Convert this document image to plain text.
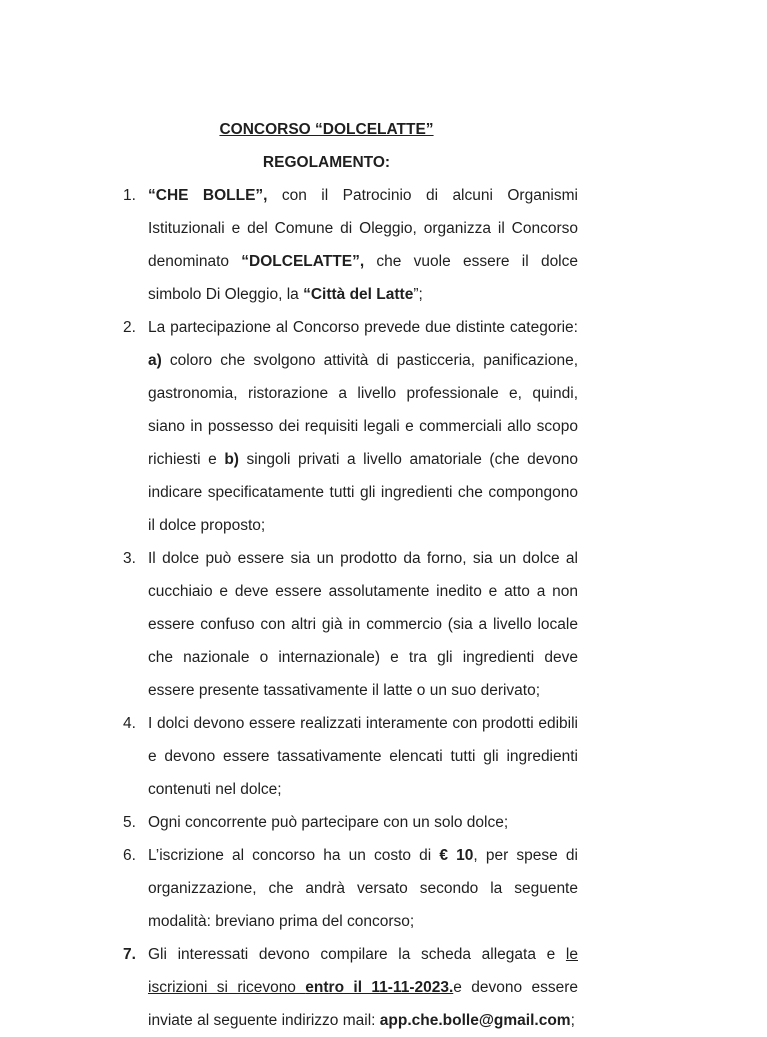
CONCORSO “DOLCELATTE”
REGOLAMENTO:
1. “CHE BOLLE”, con il Patrocinio di alcuni Organismi Istituzionali e del Comune di Oleggio, organizza il Concorso denominato “DOLCELATTE”, che vuole essere il dolce simbolo Di Oleggio, la “Città del Latte”;

2. La partecipazione al Concorso prevede due distinte categorie: a) coloro che svolgono attività di pasticceria, panificazione, gastronomia, ristorazione a livello professionale e, quindi, siano in possesso dei requisiti legali e commerciali allo scopo richiesti e b) singoli privati a livello amatoriale (che devono indicare specificatamente tutti gli ingredienti che compongono il dolce proposto;

3. Il dolce può essere sia un prodotto da forno, sia un dolce al cucchiaio e deve essere assolutamente inedito e atto a non essere confuso con altri già in commercio (sia a livello locale che nazionale o internazionale) e tra gli ingredienti deve essere presente tassativamente il latte o un suo derivato;

4. I dolci devono essere realizzati interamente con prodotti edibili e devono essere tassativamente elencati tutti gli ingredienti contenuti nel dolce;

5. Ogni concorrente può partecipare con un solo dolce;

6. L’iscrizione al concorso ha un costo di € 10, per spese di organizzazione, che andrà versato secondo la seguente modalità: breviano prima del concorso;

7. Gli interessati devono compilare la scheda allegata e le iscrizioni si ricevono entro il 11-11-2023.e devono essere inviate al seguente indirizzo mail: app.che.bolle@gmail.com;
